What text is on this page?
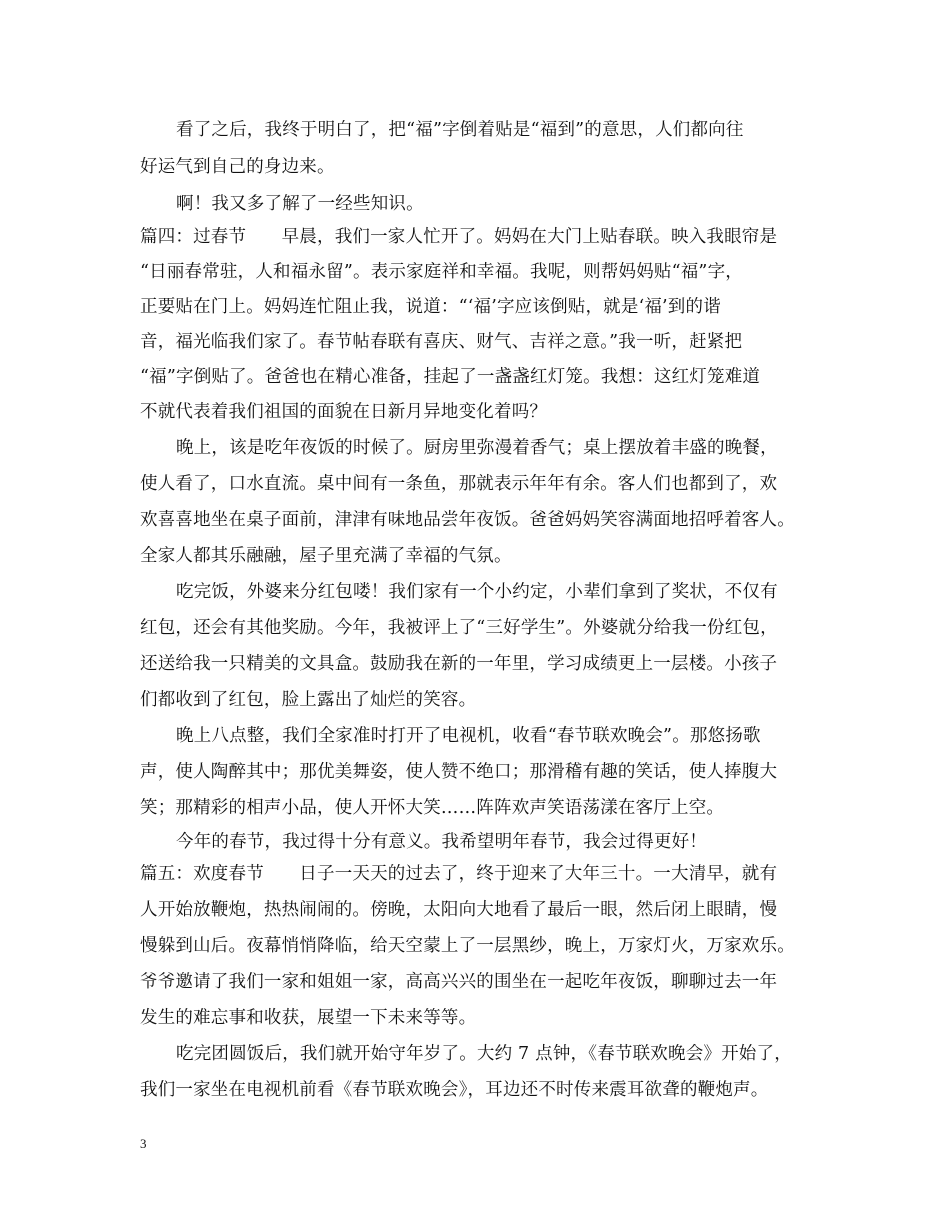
看了之后，我终于明白了，把“福”字倒着贴是“福到”的意思，人们都向往
好运气到自己的身边来。
啊！我又多了解了一经些知识。
篇四：过春节　　早晨，我们一家人忙开了。妈妈在大门上贴春联。映入我眼帘是
“日丽春常驻，人和福永留”。表示家庭祥和幸福。我呢，则帮妈妈贴“福”字，
正要贴在门上。妈妈连忙阻止我，说道：“‘福’字应该倒贴，就是‘福’到的谐
音，福光临我们家了。春节帖春联有喜庆、财气、吉祥之意。”我一听，赶紧把
“福”字倒贴了。爸爸也在精心准备，挂起了一盏盏红灯笼。我想：这红灯笼难道
不就代表着我们祖国的面貌在日新月异地变化着吗？
晚上，该是吃年夜饭的时候了。厨房里弥漫着香气；桌上摆放着丰盛的晚餐，
使人看了，口水直流。桌中间有一条鱼，那就表示年年有余。客人们也都到了，欢
欢喜喜地坐在桌子面前，津津有味地品尝年夜饭。爸爸妈妈笑容满面地招呼着客人。
全家人都其乐融融，屋子里充满了幸福的气氛。
吃完饭，外婆来分红包喽！我们家有一个小约定，小辈们拿到了奖状，不仅有
红包，还会有其他奖励。今年，我被评上了“三好学生”。外婆就分给我一份红包，
还送给我一只精美的文具盒。鼓励我在新的一年里，学习成绩更上一层楼。小孩子
们都收到了红包，脸上露出了灿烂的笑容。
晚上八点整，我们全家准时打开了电视机，收看“春节联欢晚会”。那悠扬歌
声，使人陶醉其中；那优美舞姿，使人赞不绝口；那滑稽有趣的笑话，使人捧腹大
笑；那精彩的相声小品，使人开怀大笑……阵阵欢声笑语荡漾在客厅上空。
今年的春节，我过得十分有意义。我希望明年春节，我会过得更好！
篇五：欢度春节　　日子一天天的过去了，终于迎来了大年三十。一大清早，就有
人开始放鞭炮，热热闹闹的。傍晚，太阳向大地看了最后一眼，然后闭上眼睛，慢
慢躲到山后。夜幕悄悄降临，给天空蒙上了一层黑纱，晚上，万家灯火，万家欢乐。
爷爷邀请了我们一家和姐姐一家，高高兴兴的围坐在一起吃年夜饭，聊聊过去一年
发生的难忘事和收获，展望一下未来等等。
吃完团圆饭后，我们就开始守年岁了。大约 7 点钟，《春节联欢晚会》开始了，
我们一家坐在电视机前看《春节联欢晚会》，耳边还不时传来震耳欲聋的鞭炮声。
3
